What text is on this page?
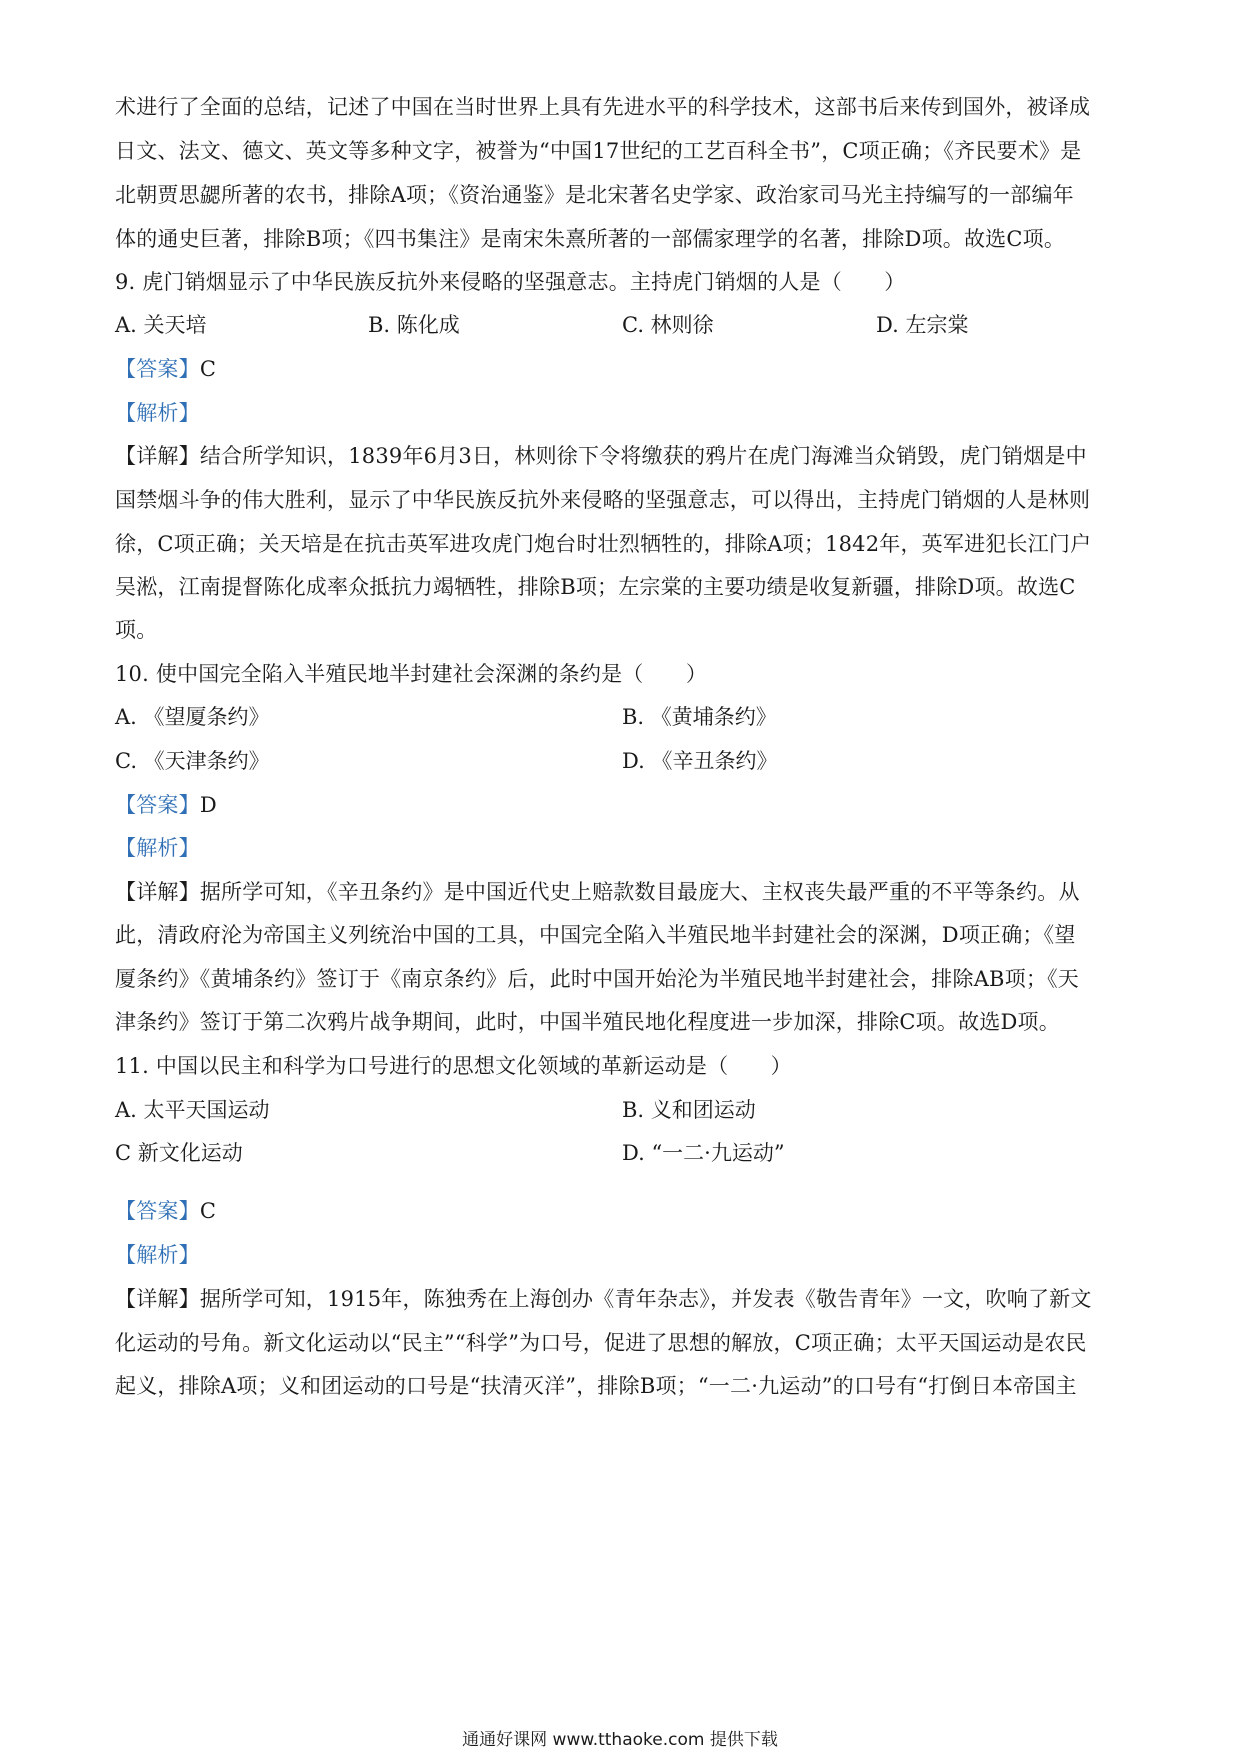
术进行了全面的总结，记述了中国在当时世界上具有先进水平的科学技术，这部书后来传到国外，被译成
日文、法文、德文、英文等多种文字，被誉为“中国17世纪的工艺百科全书”，C项正确；《齐民要术》是
北朝贾思勰所著的农书，排除A项；《资治通鉴》是北宋著名史学家、政治家司马光主持编写的一部编年
体的通史巨著，排除B项；《四书集注》是南宋朱熹所著的一部儒家理学的名著，排除D项。故选C项。
9. 虎门销烟显示了中华民族反抗外来侵略的坚强意志。主持虎门销烟的人是（　　）
A. 关天培	B. 陈化成	C. 林则徐	D. 左宗棠
【答案】C
【解析】
【详解】结合所学知识，1839年6月3日，林则徐下令将缴获的鸦片在虎门海滩当众销毁，虎门销烟是中
国禁烟斗争的伟大胜利，显示了中华民族反抗外来侵略的坚强意志，可以得出，主持虎门销烟的人是林则
徐，C项正确；关天培是在抗击英军进攻虎门炮台时壮烈牺牲的，排除A项；1842年，英军进犯长江门户
吴淞，江南提督陈化成率众抵抗力竭牺牲，排除B项；左宗棠的主要功绩是收复新疆，排除D项。故选C
项。
10. 使中国完全陷入半殖民地半封建社会深渊的条约是（　　）
A. 《望厦条约》	B. 《黄埔条约》
C. 《天津条约》	D. 《辛丑条约》
【答案】D
【解析】
【详解】据所学可知，《辛丑条约》是中国近代史上赔款数目最庞大、主权丧失最严重的不平等条约。从
此，清政府沦为帝国主义列统治中国的工具，中国完全陷入半殖民地半封建社会的深渊，D项正确；《望
厦条约》《黄埔条约》签订于《南京条约》后，此时中国开始沦为半殖民地半封建社会，排除AB项；《天
津条约》签订于第二次鸦片战争期间，此时，中国半殖民地化程度进一步加深，排除C项。故选D项。
11. 中国以民主和科学为口号进行的思想文化领域的革新运动是（　　）
A. 太平天国运动	B. 义和团运动
C 新文化运动	D. “一二·九运动”
【答案】C
【解析】
【详解】据所学可知，1915年，陈独秀在上海创办《青年杂志》，并发表《敬告青年》一文，吹响了新文
化运动的号角。新文化运动以“民主”“科学”为口号，促进了思想的解放，C项正确；太平天国运动是农民
起义，排除A项；义和团运动的口号是“扶清灭洋”，排除B项；“一二·九运动”的口号有“打倒日本帝国主
通通好课网 www.tthaoke.com 提供下载
